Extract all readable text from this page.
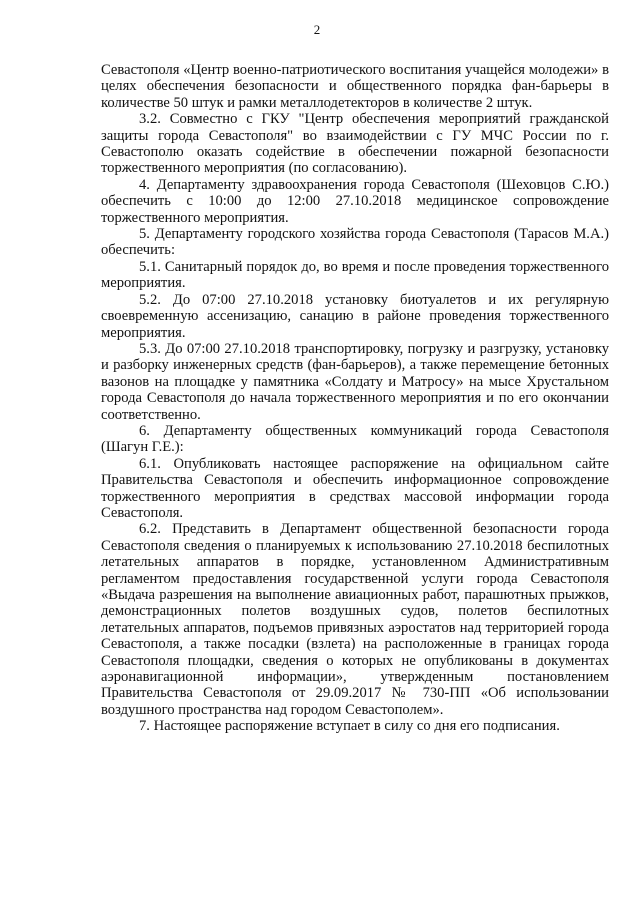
2

Севастополя «Центр военно-патриотического воспитания учащейся молодежи» в целях обеспечения безопасности и общественного порядка фан-барьеры в количестве 50 штук и рамки металлодетекторов в количестве 2 штук.

3.2. Совместно с ГКУ "Центр обеспечения мероприятий гражданской защиты города Севастополя" во взаимодействии с ГУ МЧС России по г. Севастополю оказать содействие в обеспечении пожарной безопасности торжественного мероприятия (по согласованию).

4. Департаменту здравоохранения города Севастополя (Шеховцов С.Ю.) обеспечить с 10:00 до 12:00 27.10.2018 медицинское сопровождение торжественного мероприятия.

5. Департаменту городского хозяйства города Севастополя (Тарасов М.А.) обеспечить:

5.1. Санитарный порядок до, во время и после проведения торжественного мероприятия.

5.2. До 07:00 27.10.2018 установку биотуалетов и их регулярную своевременную ассенизацию, санацию в районе проведения торжественного мероприятия.

5.3. До 07:00 27.10.2018 транспортировку, погрузку и разгрузку, установку и разборку инженерных средств (фан-барьеров), а также перемещение бетонных вазонов на площадке у памятника «Солдату и Матросу» на мысе Хрустальном города Севастополя до начала торжественного мероприятия и по его окончании соответственно.

6. Департаменту общественных коммуникаций города Севастополя (Шагун Г.Е.):

6.1. Опубликовать настоящее распоряжение на официальном сайте Правительства Севастополя и обеспечить информационное сопровождение торжественного мероприятия в средствах массовой информации города Севастополя.

6.2. Представить в Департамент общественной безопасности города Севастополя сведения о планируемых к использованию 27.10.2018 беспилотных летательных аппаратов в порядке, установленном Административным регламентом предоставления государственной услуги города Севастополя «Выдача разрешения на выполнение авиационных работ, парашютных прыжков, демонстрационных полетов воздушных судов, полетов беспилотных летательных аппаратов, подъемов привязных аэростатов над территорией города Севастополя, а также посадки (взлета) на расположенные в границах города Севастополя площадки, сведения о которых не опубликованы в документах аэронавигационной информации», утвержденным постановлением Правительства Севастополя от 29.09.2017 № 730-ПП «Об использовании воздушного пространства над городом Севастополем».

7. Настоящее распоряжение вступает в силу со дня его подписания.
